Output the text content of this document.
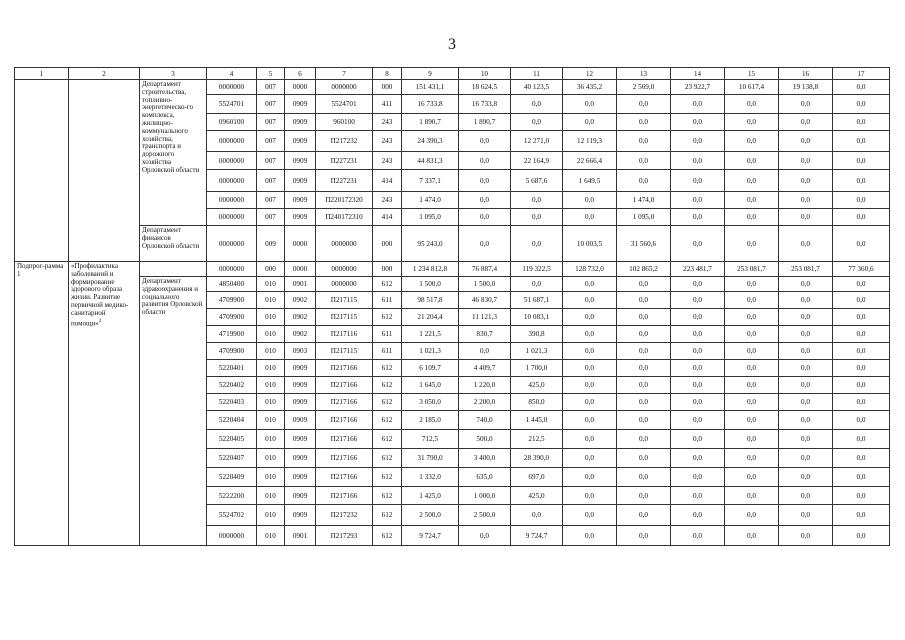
3
1	2	3	4	5	6	7	8	9	10	11	12	13	14	15	16	17
		Департамент строительства, топливно-энергетическо-го комплекса, жилищно-коммунального хозяйства, транспорта и дорожного хозяйства Орловской области	0000000	007	0000	0000000	000	151 431,1	18 624,5	40 123,5	36 435,2	2 569,0	23 922,7	10 617,4	19 138,8	0,0
			5524701	007	0909	5524701	411	16 733,8	16 733,8	0,0	0,0	0,0	0,0	0,0	0,0	0,0
			0960100	007	0909	960100	243	1 890,7	1 890,7	0,0	0,0	0,0	0,0	0,0	0,0	0,0
			0000000	007	0909	П217232	243	24 390,3	0,0	12 271,0	12 119,3	0,0	0,0	0,0	0,0	0,0
			0000000	007	0909	П227231	243	44 831,3	0,0	22 164,9	22 666,4	0,0	0,0	0,0	0,0	0,0
			0000000	007	0909	П227231	414	7 337,1	0,0	5 687,6	1 649,5	0,0	0,0	0,0	0,0	0,0
			0000000	007	0909	П220172320	243	1 474,0	0,0	0,0	0,0	1 474,0	0,0	0,0	0,0	0,0
			0000000	007	0909	П240172310	414	1 095,0	0,0	0,0	0,0	1 095,0	0,0	0,0	0,0	0,0
		Департамент финансов Орловской области	0000000	009	0000	0000000	000	95 243,0	0,0	0,0	10 003,5	31 560,6	0,0	0,0	0,0	0,0
Подпрог-рамма 1	«Профилактика заболеваний и формирование здорового образа жизни. Развитие первичной медико-санитарной помощи»$^2$		0000000	000	0000	0000000	000	1 234 812,8	76 887,4	119 322,5	128 732,0	102 865,2	223 481,7	253 081,7	253 081,7	77 360,6
		Департамент здравоохранения и социального развития Орловской области	4850400	010	0901	0000000	612	1 500,0	1 500,0	0,0	0,0	0,0	0,0	0,0	0,0	0,0
			4709900	010	0902	П217115	611	98 517,8	46 830,7	51 687,1	0,0	0,0	0,0	0,0	0,0	0,0
			4709900	010	0902	П217115	612	21 204,4	11 121,3	10 083,1	0,0	0,0	0,0	0,0	0,0	0,0
			4719900	010	0902	П217116	611	1 221,5	830,7	390,8	0,0	0,0	0,0	0,0	0,0	0,0
			4709900	010	0903	П217115	611	1 021,3	0,0	1 021,3	0,0	0,0	0,0	0,0	0,0	0,0
			5220401	010	0909	П217166	612	6 109,7	4 409,7	1 700,0	0,0	0,0	0,0	0,0	0,0	0,0
			5220402	010	0909	П217166	612	1 645,0	1 220,0	425,0	0,0	0,0	0,0	0,0	0,0	0,0
			5220403	010	0909	П217166	612	3 050,0	2 200,0	850,0	0,0	0,0	0,0	0,0	0,0	0,0
			5220404	010	0909	П217166	612	2 185,0	740,0	1 445,0	0,0	0,0	0,0	0,0	0,0	0,0
			5220405	010	0909	П217166	612	712,5	500,0	212,5	0,0	0,0	0,0	0,0	0,0	0,0
			5220407	010	0909	П217166	612	31 790,0	3 400,0	28 390,0	0,0	0,0	0,0	0,0	0,0	0,0
			5220409	010	0909	П217166	612	1 332,0	635,0	697,0	0,0	0,0	0,0	0,0	0,0	0,0
			5222200	010	0909	П217166	612	1 425,0	1 000,0	425,0	0,0	0,0	0,0	0,0	0,0	0,0
			5524702	010	0909	П217232	612	2 500,0	2 500,0	0,0	0,0	0,0	0,0	0,0	0,0	0,0
			0000000	010	0901	П217293	612	9 724,7	0,0	9 724,7	0,0	0,0	0,0	0,0	0,0	0,0
